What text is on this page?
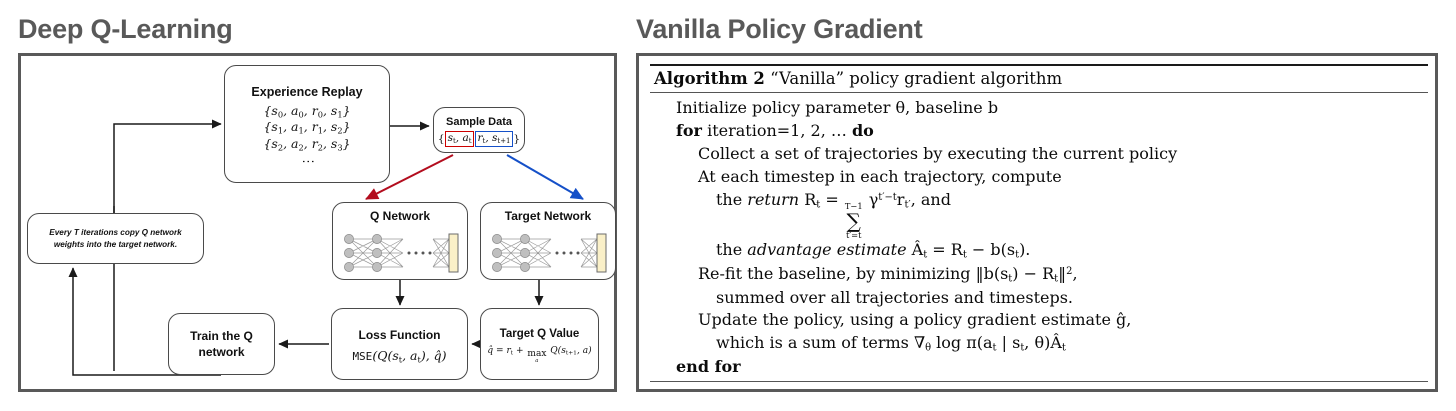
Deep Q-Learning	Vanilla Policy Gradient
Experience Replay
{$s_0$, $a_0$, $r_0$, $s_1$}
{$s_1$, $a_1$, $r_1$, $s_2$}
{$s_2$, $a_2$, $r_2$, $s_3$}
⋮
Sample Data
{ $s_t$, $a_t$ $r_t$, $s_{t+1}$ }
Q Network	Target Network
Every T iterations copy Q network
weights into the target network.
Train the Q
network
Loss Function
$MSE(Q(s_t$, $a_t$), q̂)
Target Q Value
q̂ = $r_t + \max$
a
$Q(s_{t+1}$, a)
Algorithm 2 “Vanilla” policy gradient algorithm
Initialize policy parameter θ, baseline b
for iteration=1, 2, … do
Collect a set of trajectories by executing the current policy
At each timestep in each trajectory, compute
the return Rt = T−1
∑
t′=t
$\gamma^{t'-t}rt'$, and
the advantage estimate Ât = Rt − b(st).
Re-fit the baseline, by minimizing ‖b(st) − Rt‖$^2$,
summed over all trajectories and timesteps.
Update the policy, using a policy gradient estimate ĝ,
which is a sum of terms ∇θ log π(at | st, θ)Ât
end for
